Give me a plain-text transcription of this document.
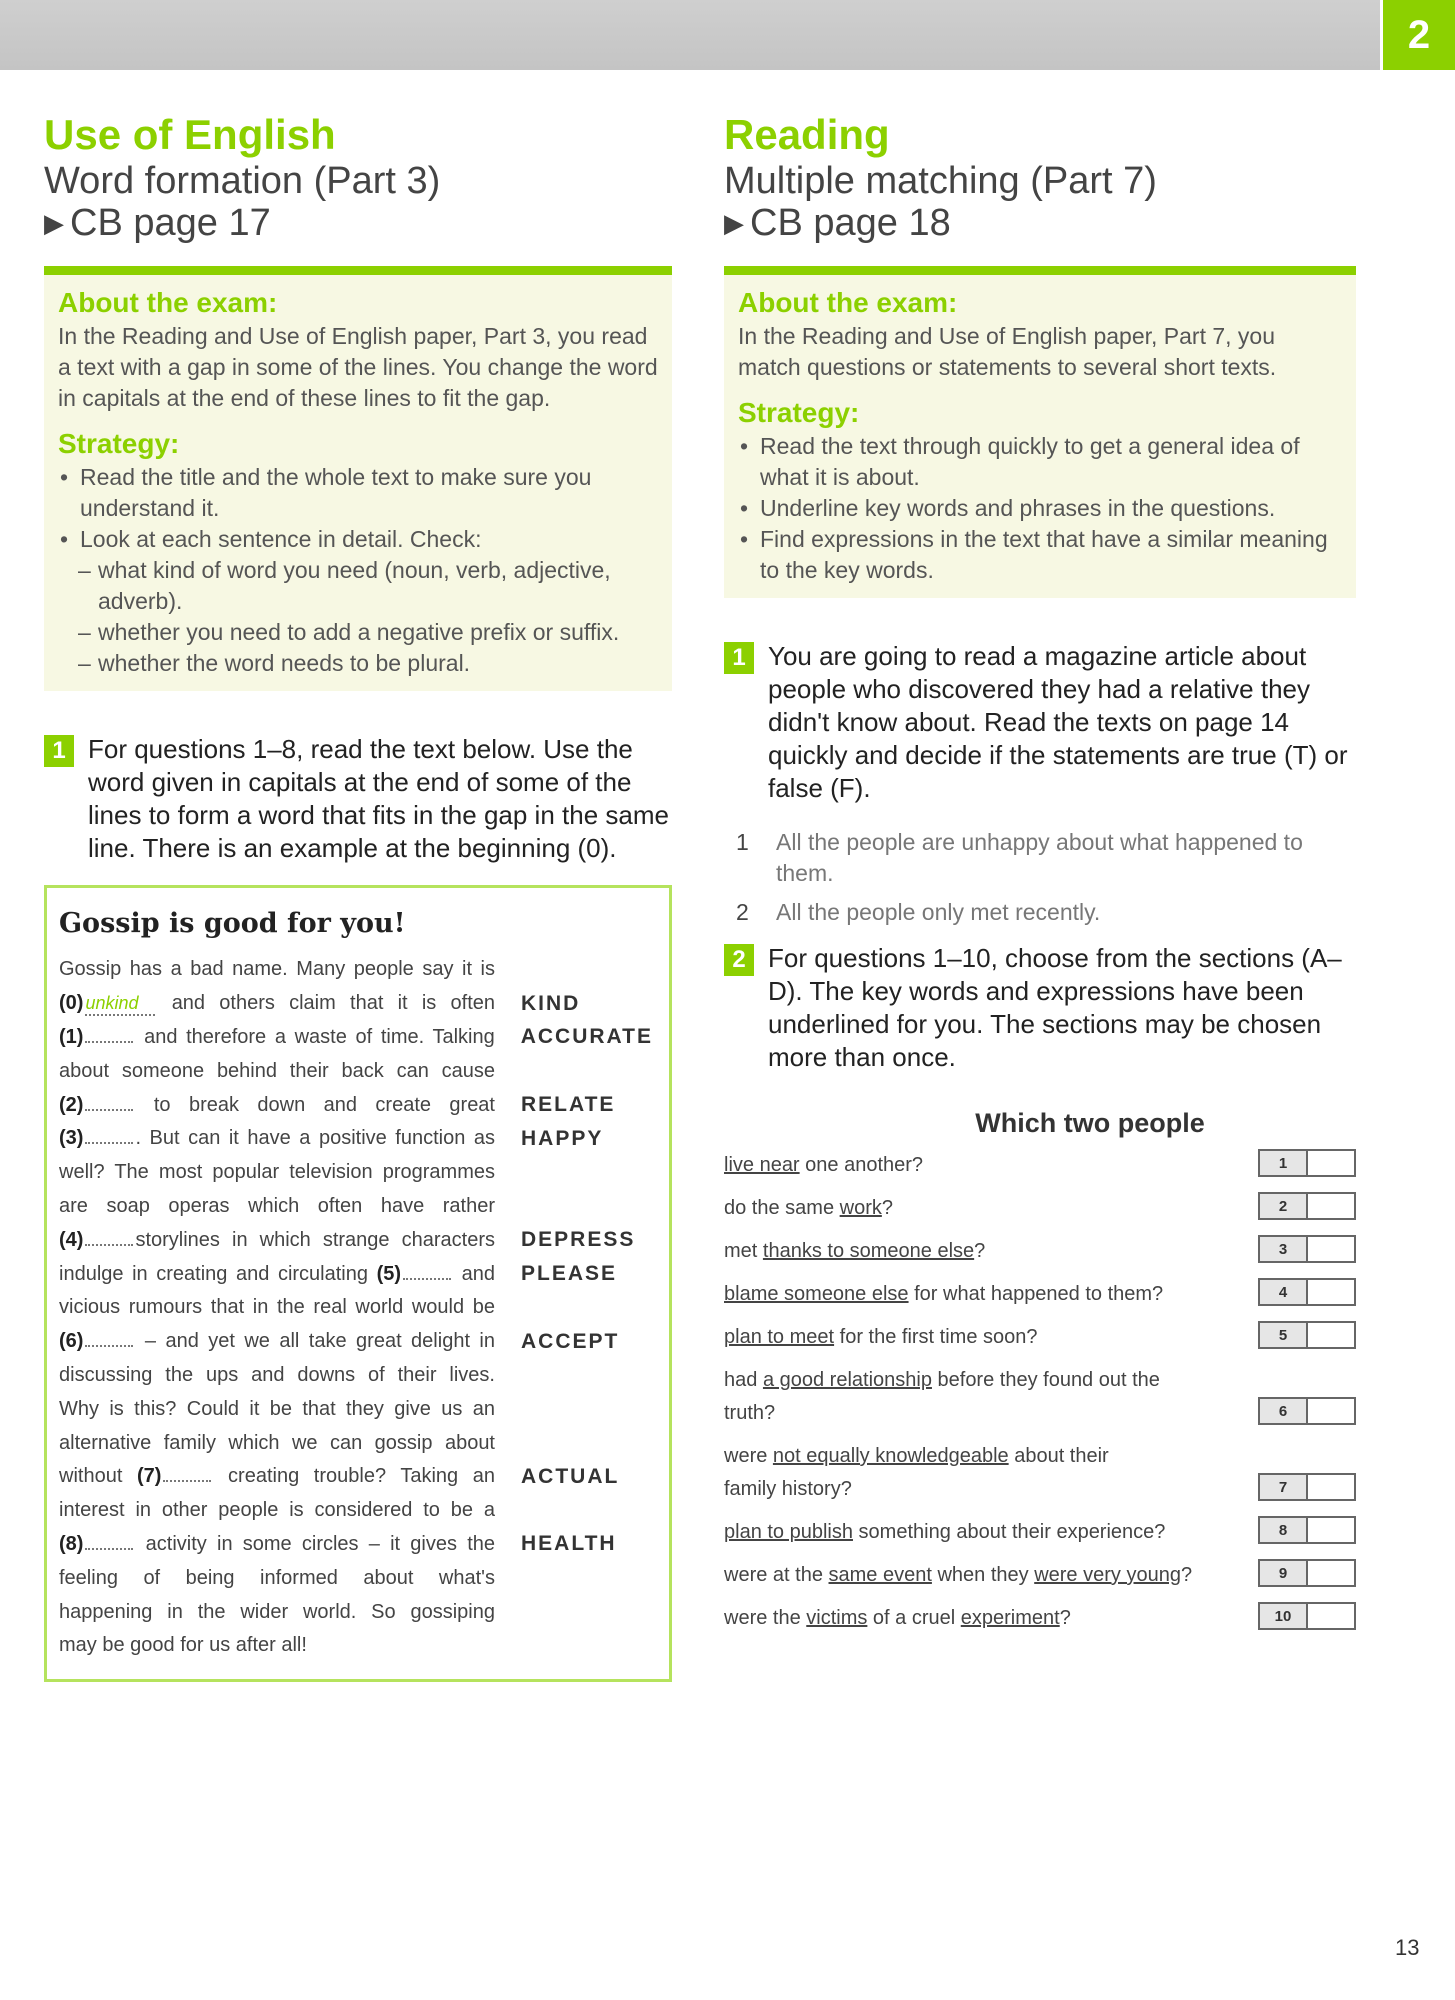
2
Use of English
Word formation (Part 3)
▶ CB page 17
About the exam:
In the Reading and Use of English paper, Part 3, you read a text with a gap in some of the lines. You change the word in capitals at the end of these lines to fit the gap.
Strategy:
• Read the title and the whole text to make sure you understand it.
• Look at each sentence in detail. Check:
– what kind of word you need (noun, verb, adjective, adverb).
– whether you need to add a negative prefix or suffix.
– whether the word needs to be plural.
1 For questions 1–8, read the text below. Use the word given in capitals at the end of some of the lines to form a word that fits in the gap in the same line. There is an example at the beginning (0).
Gossip is good for you!
Gossip has a bad name. Many people say it is
(0) unkind and others claim that it is often KIND
(1)	and therefore a waste of time. Talking ACCURATE
about someone behind their back can cause
(2)	to break down and create great RELATE
(3)	. But can it have a positive function as HAPPY
well? The most popular television programmes
are soap operas which often have rather
(4)	storylines in which strange characters DEPRESS
indulge in creating and circulating (5)	and PLEASE
vicious rumours that in the real world would be
(6)	– and yet we all take great delight in ACCEPT
discussing the ups and downs of their lives.
Why is this? Could it be that they give us an
alternative family which we can gossip about
without (7)	creating trouble? Taking an ACTUAL
interest in other people is considered to be a
(8)	activity in some circles – it gives the HEALTH
feeling of being informed about what's
happening in the wider world. So gossiping
may be good for us after all!
Reading
Multiple matching (Part 7)
▶ CB page 18
About the exam:
In the Reading and Use of English paper, Part 7, you match questions or statements to several short texts.
Strategy:
• Read the text through quickly to get a general idea of what it is about.
• Underline key words and phrases in the questions.
• Find expressions in the text that have a similar meaning to the key words.
1 You are going to read a magazine article about people who discovered they had a relative they didn't know about. Read the texts on page 14 quickly and decide if the statements are true (T) or false (F).
1	All the people are unhappy about what happened to them.
2	All the people only met recently.
2 For questions 1–10, choose from the sections (A–D). The key words and expressions have been underlined for you. The sections may be chosen more than once.
Which two people
live near one another?	1
do the same work?	2
met thanks to someone else?	3
blame someone else for what happened to them?	4
plan to meet for the first time soon?	5
had a good relationship before they found out the truth?	6
were not equally knowledgeable about their family history?	7
plan to publish something about their experience?	8
were at the same event when they were very young?	9
were the victims of a cruel experiment?	10
13
